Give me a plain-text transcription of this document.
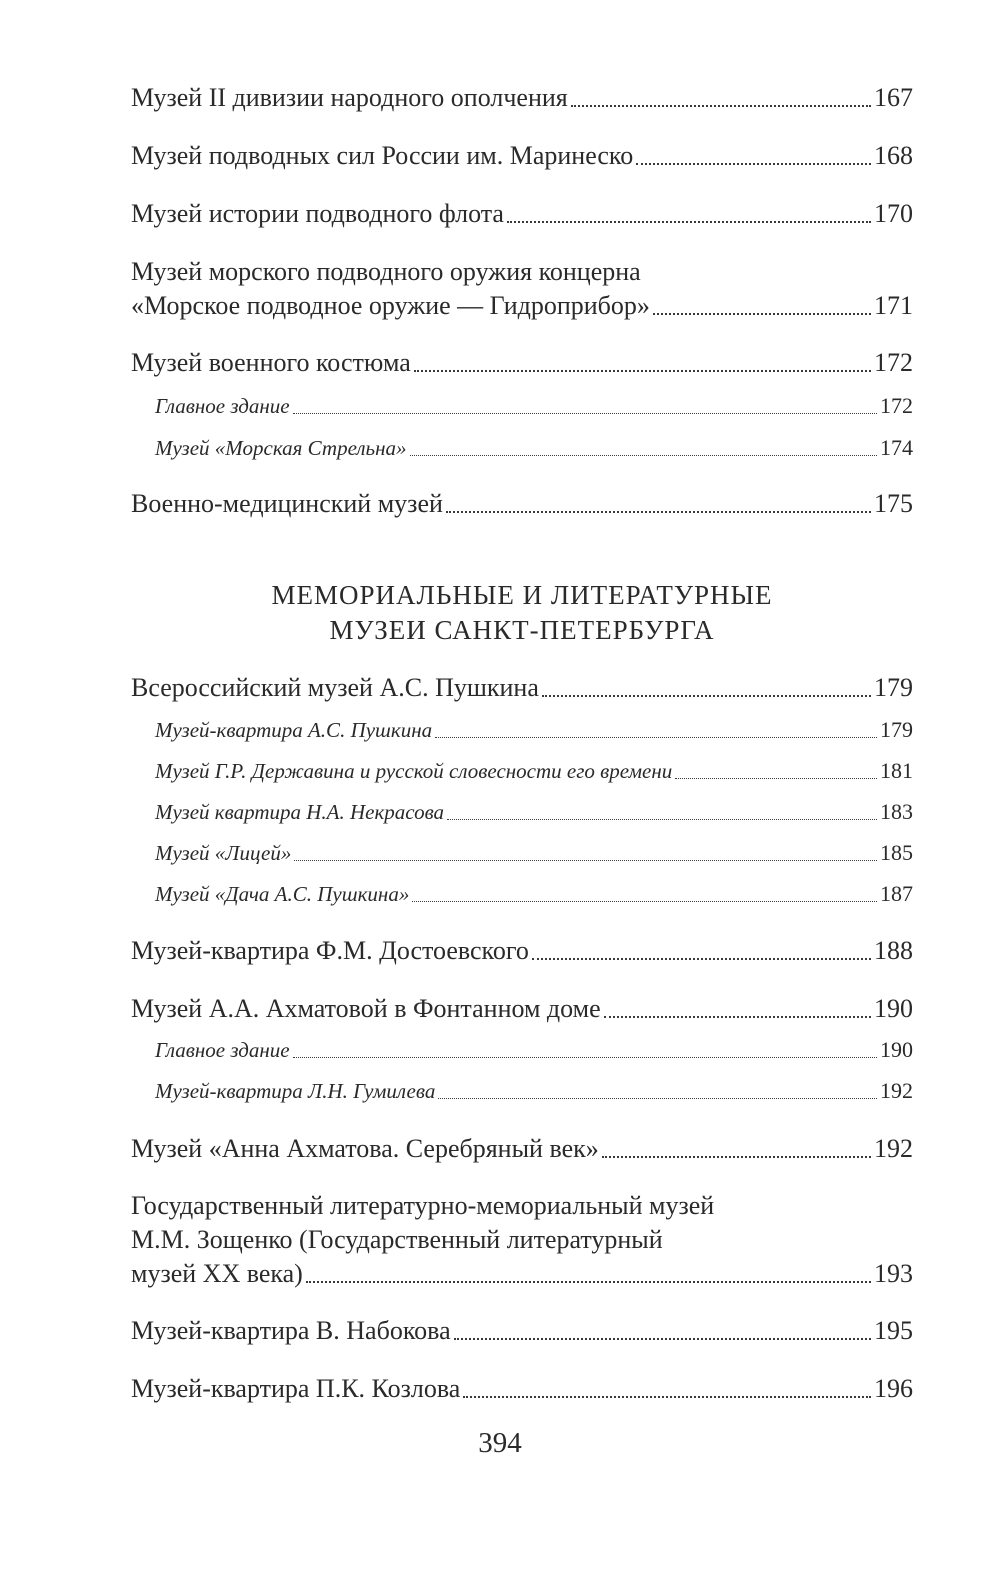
Музей II дивизии народного ополчения	167
Музей подводных сил России им. Маринеско	168
Музей истории подводного флота	170
Музей морского подводного оружия концерна
«Морское подводное оружие — Гидроприбор»	171
Музей военного костюма	172
Главное здание	172
Музей «Морская Стрельна»	174
Военно-медицинский музей	175
МЕМОРИАЛЬНЫЕ И ЛИТЕРАТУРНЫЕ
МУЗЕИ САНКТ-ПЕТЕРБУРГА
Всероссийский музей А.С. Пушкина	179
Музей-квартира А.С. Пушкина	179
Музей Г.Р. Державина и русской словесности его времени	181
Музей квартира Н.А. Некрасова	183
Музей «Лицей»	185
Музей «Дача А.С. Пушкина»	187
Музей-квартира Ф.М. Достоевского	188
Музей А.А. Ахматовой в Фонтанном доме	190
Главное здание	190
Музей-квартира Л.Н. Гумилева	192
Музей «Анна Ахматова. Серебряный век»	192
Государственный литературно-мемориальный музей
М.М. Зощенко (Государственный литературный
музей XX века)	193
Музей-квартира В. Набокова	195
Музей-квартира П.К. Козлова	196
394
